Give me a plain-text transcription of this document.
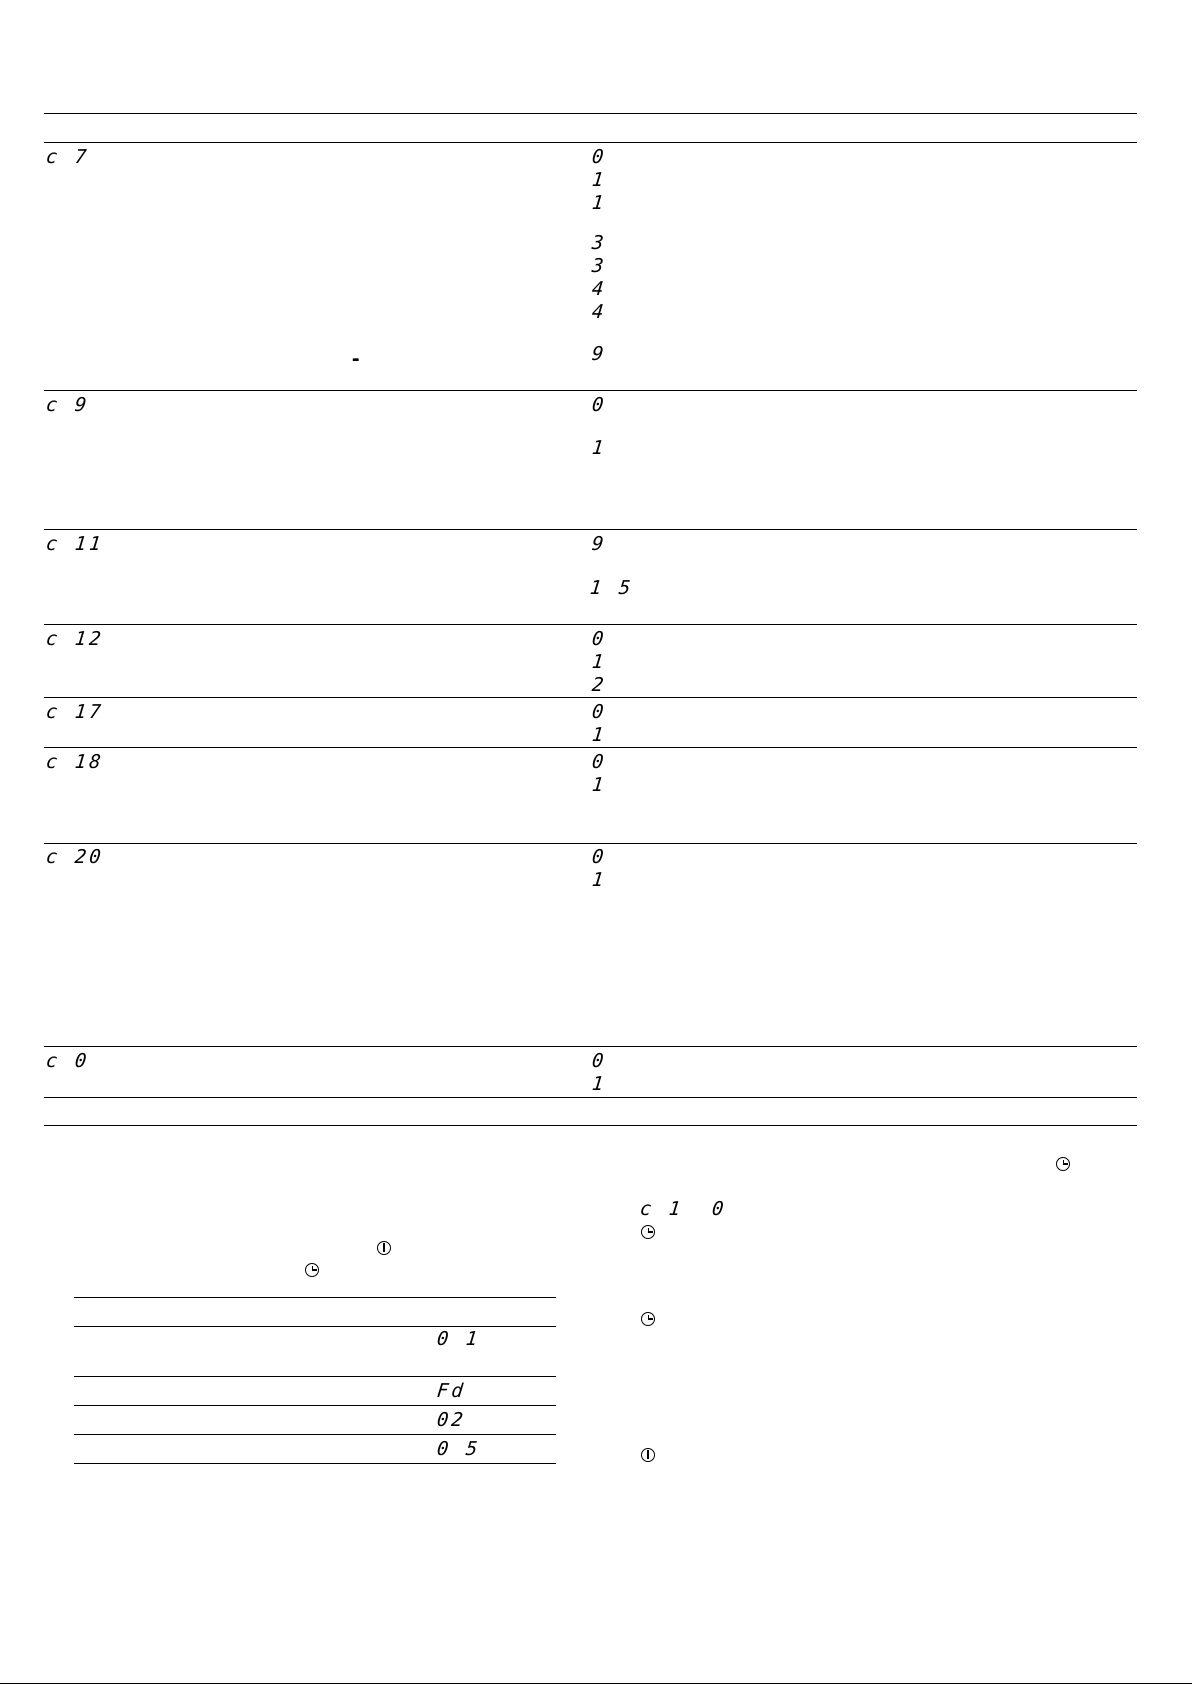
c 7	0
1
1
3
3
4
4
9
-
c 9	0
1
c 11	9
1 5
c 12	0
1
2
c 17	0
1
c 18	0
1
c 20	0
1
c 0	0
1
0 1
Fd
02
0 5
c 1 0
